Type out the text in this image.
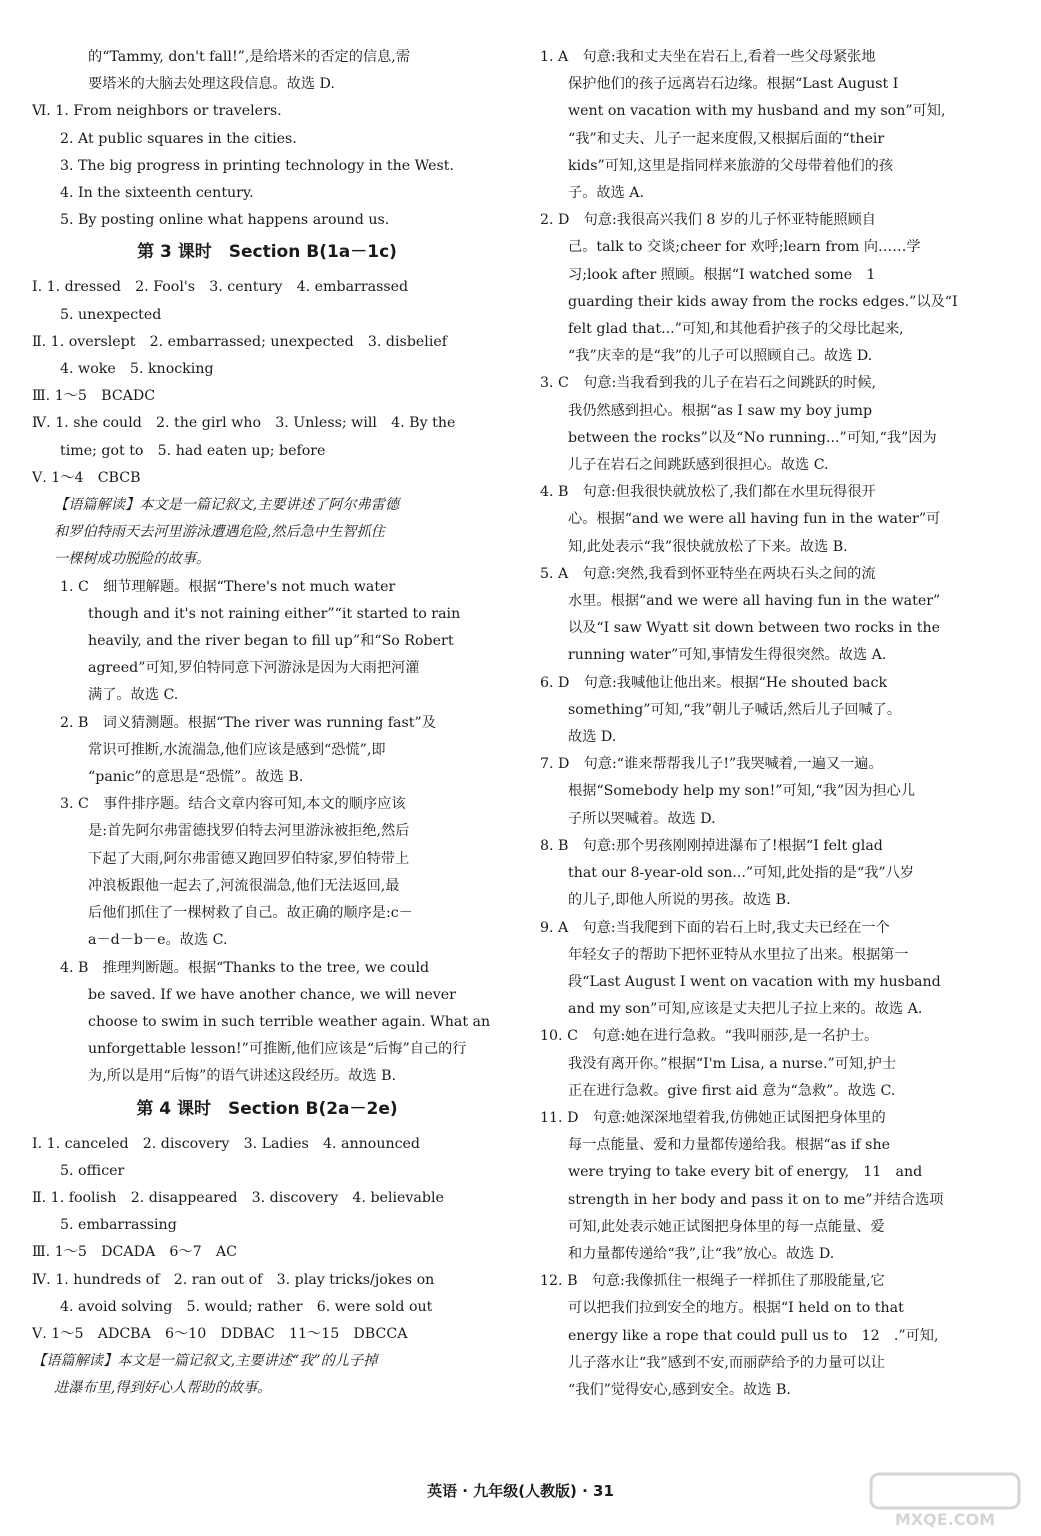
的“Tammy, don't fall!”,是给塔米的否定的信息,需
要塔米的大脑去处理这段信息。故选 D.
Ⅵ. 1. From neighbors or travelers.
2. At public squares in the cities.
3. The big progress in printing technology in the West.
4. In the sixteenth century.
5. By posting online what happens around us.
第 3 课时　Section B(1a－1c)
Ⅰ. 1. dressed　2. Fool's　3. century　4. embarrassed
5. unexpected
Ⅱ. 1. overslept　2. embarrassed; unexpected　3. disbelief
4. woke　5. knocking
Ⅲ. 1～5　BCADC
Ⅳ. 1. she could　2. the girl who　3. Unless; will　4. By the
time; got to　5. had eaten up; before
Ⅴ. 1～4　CBCB
【语篇解读】本文是一篇记叙文,主要讲述了阿尔弗雷德
和罗伯特雨天去河里游泳遭遇危险,然后急中生智抓住
一棵树成功脱险的故事。
1. C　细节理解题。根据“There's not much water
though and it's not raining either”“it started to rain
heavily, and the river began to fill up”和“So Robert
agreed”可知,罗伯特同意下河游泳是因为大雨把河灌
满了。故选 C.
2. B　词义猜测题。根据“The river was running fast”及
常识可推断,水流湍急,他们应该是感到“恐慌”,即
“panic”的意思是“恐慌”。故选 B.
3. C　事件排序题。结合文章内容可知,本文的顺序应该
是:首先阿尔弗雷德找罗伯特去河里游泳被拒绝,然后
下起了大雨,阿尔弗雷德又跑回罗伯特家,罗伯特带上
冲浪板跟他一起去了,河流很湍急,他们无法返回,最
后他们抓住了一棵树救了自己。故正确的顺序是:c－
a－d－b－e。故选 C.
4. B　推理判断题。根据“Thanks to the tree, we could
be saved. If we have another chance, we will never
choose to swim in such terrible weather again. What an
unforgettable lesson!”可推断,他们应该是“后悔”自己的行
为,所以是用“后悔”的语气讲述这段经历。故选 B.
第 4 课时　Section B(2a－2e)
Ⅰ. 1. canceled　2. discovery　3. Ladies　4. announced
5. officer
Ⅱ. 1. foolish　2. disappeared　3. discovery　4. believable
5. embarrassing
Ⅲ. 1～5　DCADA　6～7　AC
Ⅳ. 1. hundreds of　2. ran out of　3. play tricks/jokes on
4. avoid solving　5. would; rather　6. were sold out
Ⅴ. 1～5　ADCBA　6～10　DDBAC　11～15　DBCCA
【语篇解读】本文是一篇记叙文,主要讲述“我”的儿子掉
进瀑布里,得到好心人帮助的故事。
1. A　句意:我和丈夫坐在岩石上,看着一些父母紧张地
保护他们的孩子远离岩石边缘。根据“Last August I
went on vacation with my husband and my son”可知,
“我”和丈夫、儿子一起来度假,又根据后面的“their
kids”可知,这里是指同样来旅游的父母带着他们的孩
子。故选 A.
2. D　句意:我很高兴我们 8 岁的儿子怀亚特能照顾自
己。talk to 交谈;cheer for 欢呼;learn from 向……学
习;look after 照顾。根据“I watched some　1
guarding their kids away from the rocks edges.”以及“I
felt glad that...”可知,和其他看护孩子的父母比起来,
“我”庆幸的是“我”的儿子可以照顾自己。故选 D.
3. C　句意:当我看到我的儿子在岩石之间跳跃的时候,
我仍然感到担心。根据“as I saw my boy jump
between the rocks”以及“No running...”可知,“我”因为
儿子在岩石之间跳跃感到很担心。故选 C.
4. B　句意:但我很快就放松了,我们都在水里玩得很开
心。根据“and we were all having fun in the water”可
知,此处表示“我”很快就放松了下来。故选 B.
5. A　句意:突然,我看到怀亚特坐在两块石头之间的流
水里。根据“and we were all having fun in the water”
以及“I saw Wyatt sit down between two rocks in the
running water”可知,事情发生得很突然。故选 A.
6. D　句意:我喊他让他出来。根据“He shouted back
something”可知,“我”朝儿子喊话,然后儿子回喊了。
故选 D.
7. D　句意:“谁来帮帮我儿子!”我哭喊着,一遍又一遍。
根据“Somebody help my son!”可知,“我”因为担心儿
子所以哭喊着。故选 D.
8. B　句意:那个男孩刚刚掉进瀑布了!根据“I felt glad
that our 8-year-old son...”可知,此处指的是“我”八岁
的儿子,即他人所说的男孩。故选 B.
9. A　句意:当我爬到下面的岩石上时,我丈夫已经在一个
年轻女子的帮助下把怀亚特从水里拉了出来。根据第一
段“Last August I went on vacation with my husband
and my son”可知,应该是丈夫把儿子拉上来的。故选 A.
10. C　句意:她在进行急救。“我叫丽莎,是一名护士。
我没有离开你。”根据“I'm Lisa, a nurse.”可知,护士
正在进行急救。give first aid 意为“急救”。故选 C.
11. D　句意:她深深地望着我,仿佛她正试图把身体里的
每一点能量、爱和力量都传递给我。根据“as if she
were trying to take every bit of energy,　11　and
strength in her body and pass it on to me”并结合选项
可知,此处表示她正试图把身体里的每一点能量、爱
和力量都传递给“我”,让“我”放心。故选 D.
12. B　句意:我像抓住一根绳子一样抓住了那股能量,它
可以把我们拉到安全的地方。根据“I held on to that
energy like a rope that could pull us to　12　.”可知,
儿子落水让“我”感到不安,而丽萨给予的力量可以让
“我们”觉得安心,感到安全。故选 B.
英语 · 九年级(人教版) · 31
MXQE.COM
